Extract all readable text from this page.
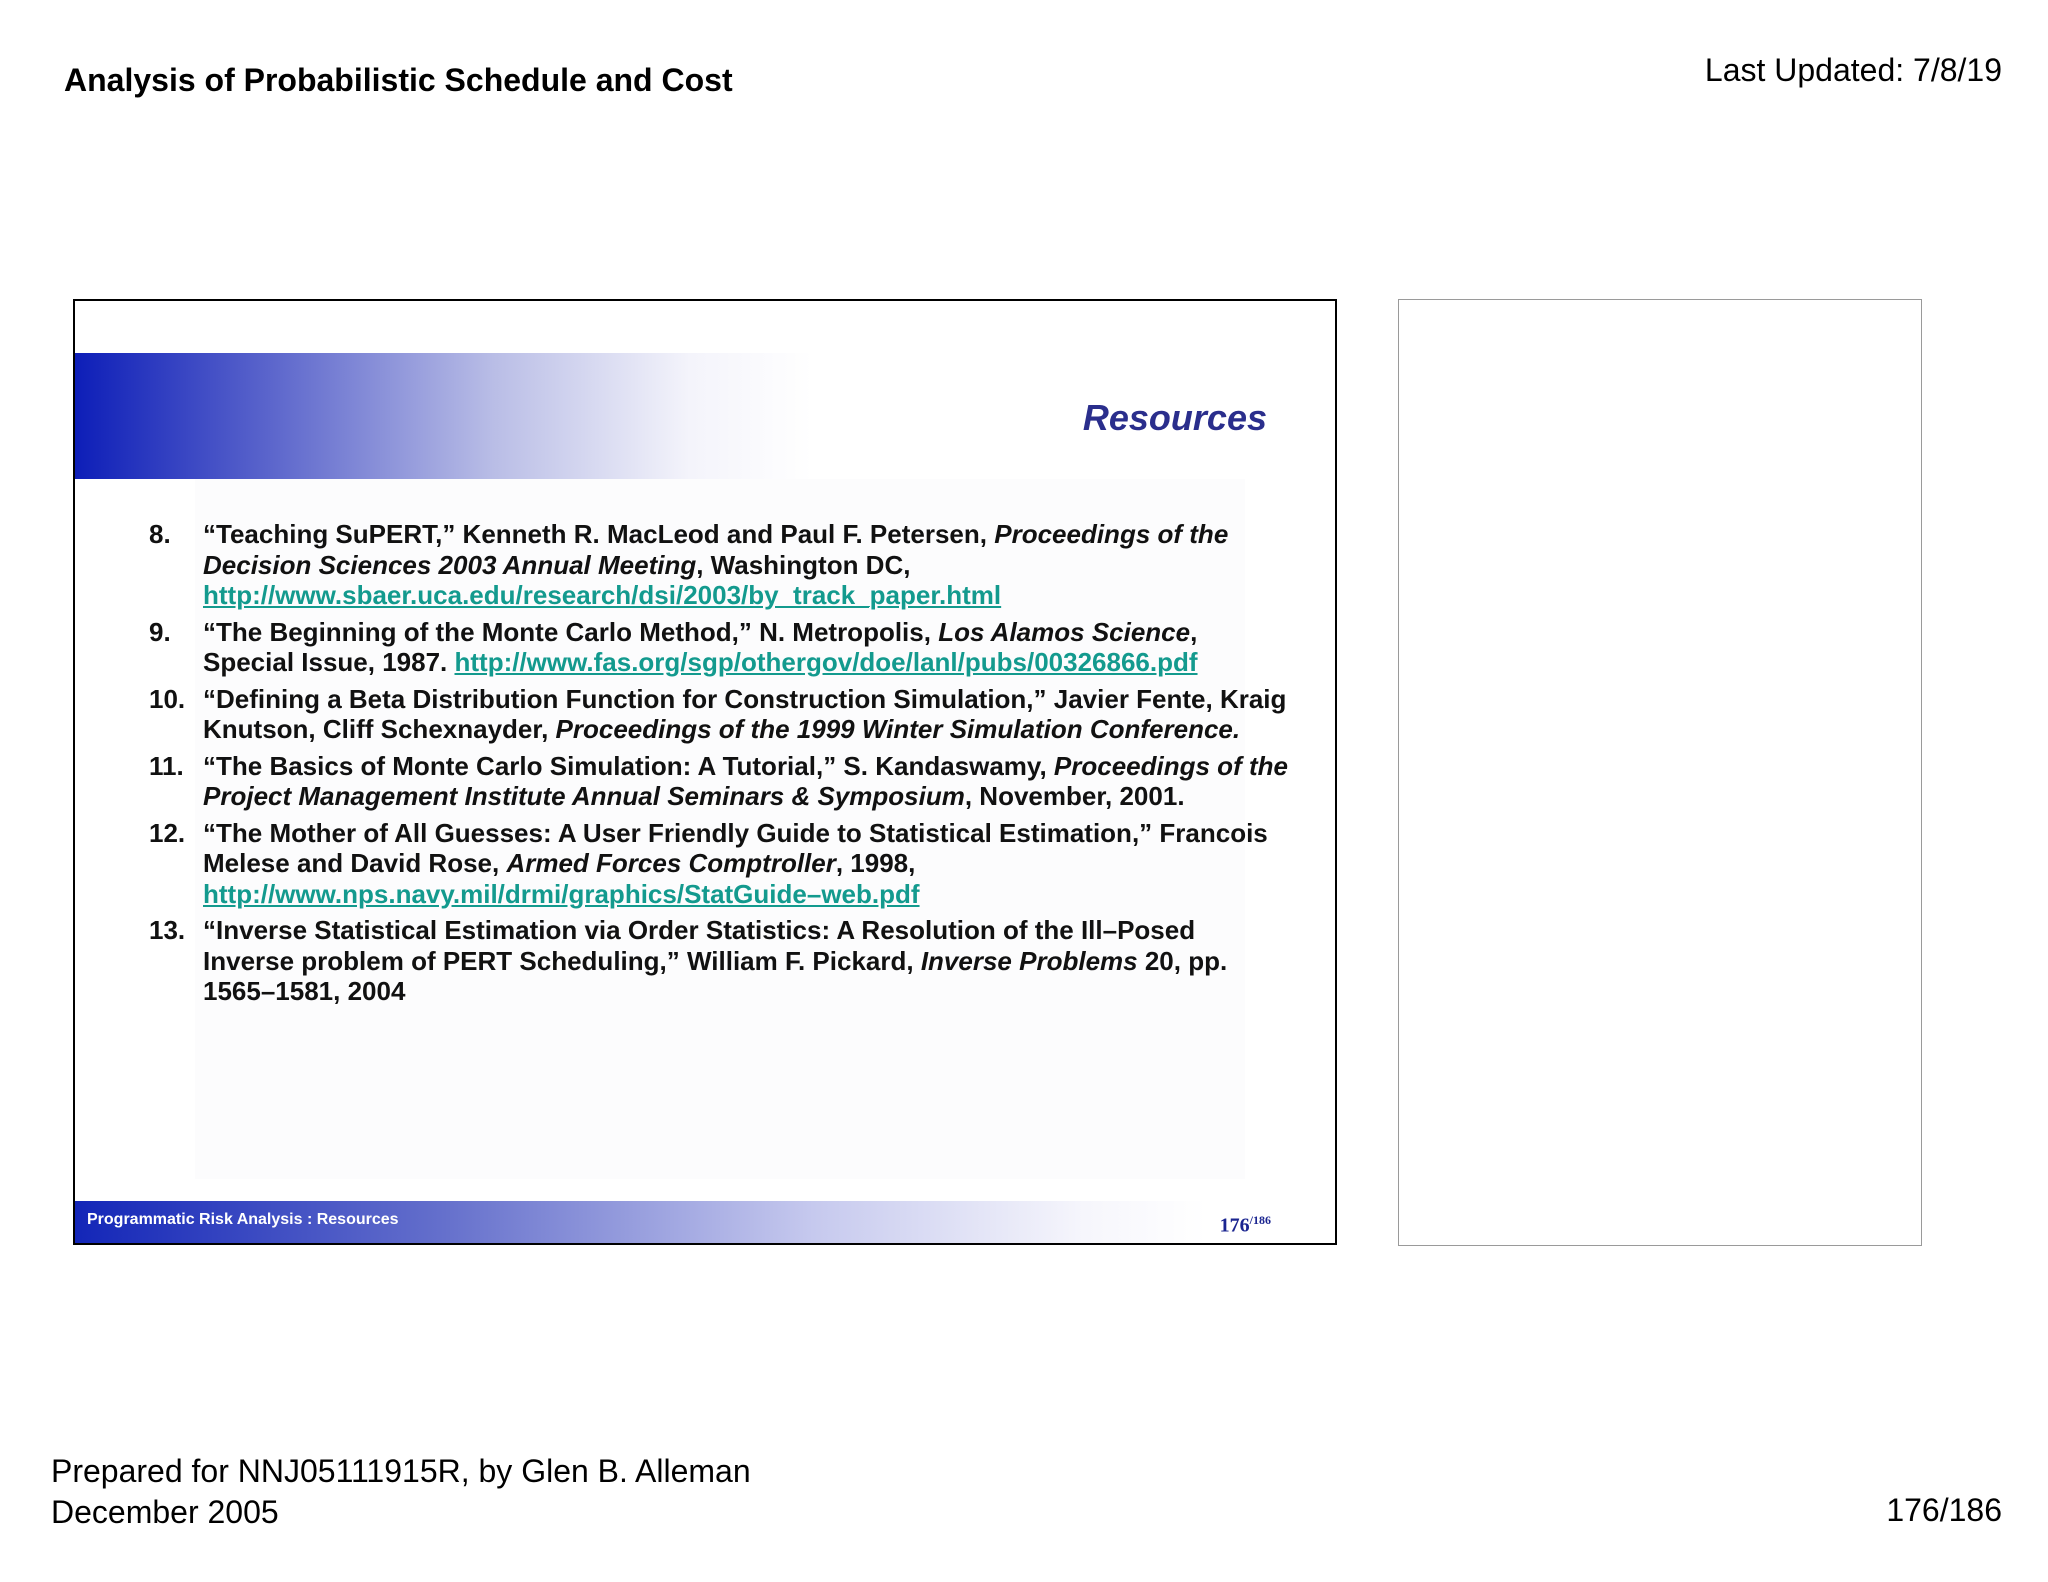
Analysis of Probabilistic Schedule and Cost	Last Updated: 7/8/19
Resources
8. “Teaching SuPERT,” Kenneth R. MacLeod and Paul F. Petersen, Proceedings of the Decision Sciences 2003 Annual Meeting, Washington DC, http://www.sbaer.uca.edu/research/dsi/2003/by_track_paper.html
9. “The Beginning of the Monte Carlo Method,” N. Metropolis, Los Alamos Science, Special Issue, 1987. http://www.fas.org/sgp/othergov/doe/lanl/pubs/00326866.pdf
10. “Defining a Beta Distribution Function for Construction Simulation,” Javier Fente, Kraig Knutson, Cliff Schexnayder, Proceedings of the 1999 Winter Simulation Conference.
11. “The Basics of Monte Carlo Simulation: A Tutorial,” S. Kandaswamy, Proceedings of the Project Management Institute Annual Seminars & Symposium, November, 2001.
12. “The Mother of All Guesses: A User Friendly Guide to Statistical Estimation,” Francois Melese and David Rose, Armed Forces Comptroller, 1998, http://www.nps.navy.mil/drmi/graphics/StatGuide–web.pdf
13. “Inverse Statistical Estimation via Order Statistics: A Resolution of the Ill–Posed Inverse problem of PERT Scheduling,” William F. Pickard, Inverse Problems 20, pp. 1565–1581, 2004
Programmatic Risk Analysis : Resources	$176^{/186}$
Prepared for NNJ05111915R, by Glen B. Alleman
December 2005	176/186
